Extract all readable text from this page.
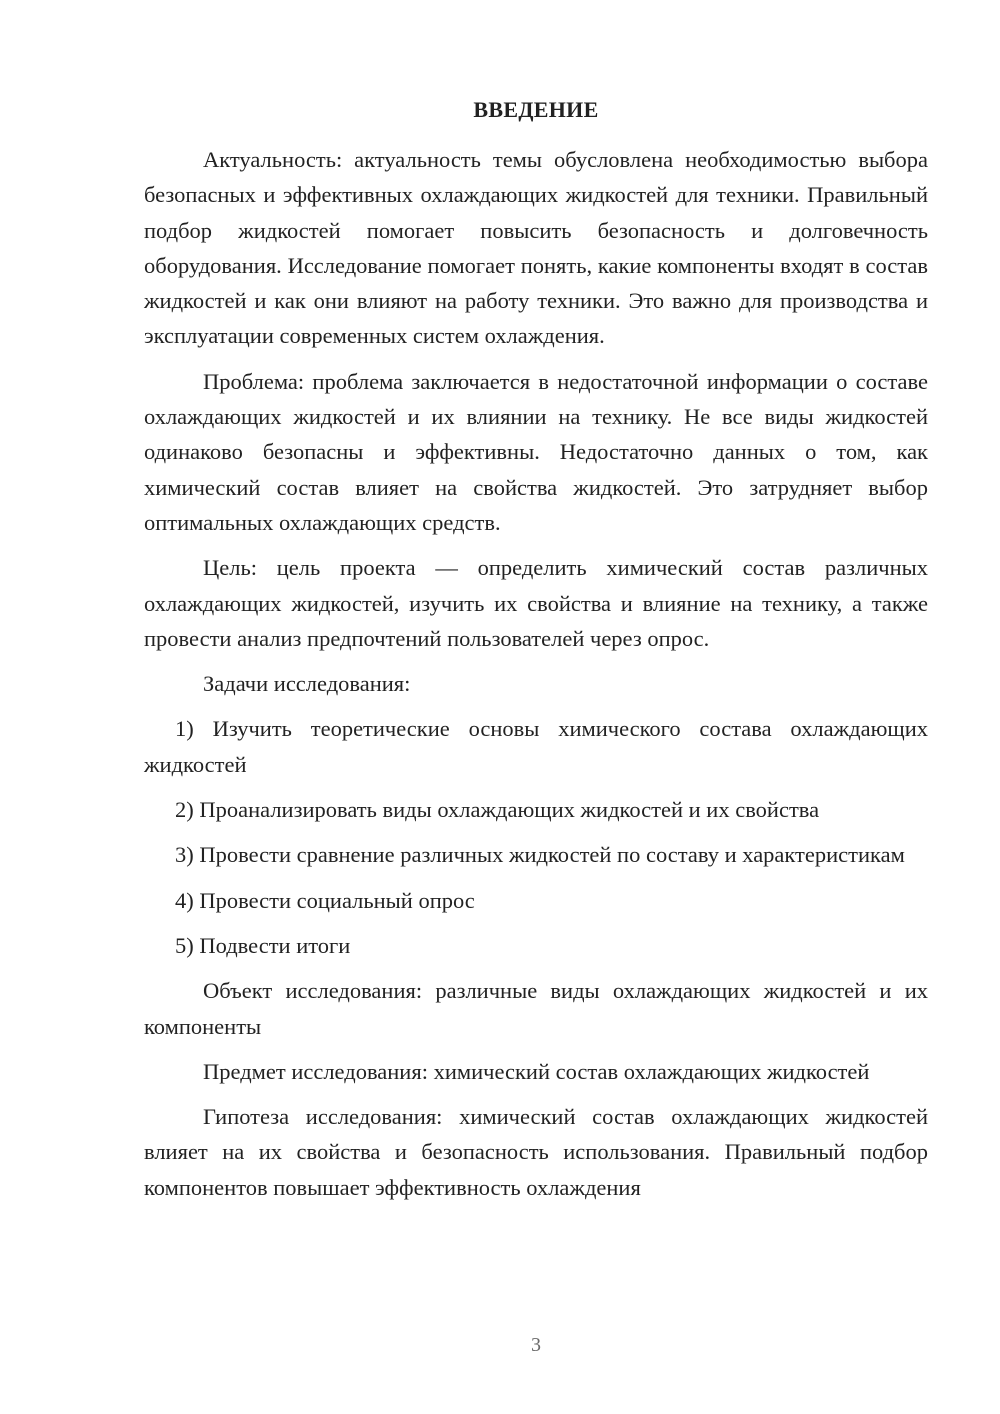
ВВЕДЕНИЕ

Актуальность: актуальность темы обусловлена необходимостью выбора безопасных и эффективных охлаждающих жидкостей для техники. Правильный подбор жидкостей помогает повысить безопасность и долговечность оборудования. Исследование помогает понять, какие компоненты входят в состав жидкостей и как они влияют на работу техники. Это важно для производства и эксплуатации современных систем охлаждения.

Проблема: проблема заключается в недостаточной информации о составе охлаждающих жидкостей и их влиянии на технику. Не все виды жидкостей одинаково безопасны и эффективны. Недостаточно данных о том, как химический состав влияет на свойства жидкостей. Это затрудняет выбор оптимальных охлаждающих средств.

Цель: цель проекта — определить химический состав различных охлаждающих жидкостей, изучить их свойства и влияние на технику, а также провести анализ предпочтений пользователей через опрос.

Задачи исследования:

1) Изучить теоретические основы химического состава охлаждающих жидкостей

2) Проанализировать виды охлаждающих жидкостей и их свойства

3) Провести сравнение различных жидкостей по составу и характеристикам

4) Провести социальный опрос

5) Подвести итоги

Объект исследования: различные виды охлаждающих жидкостей и их компоненты

Предмет исследования: химический состав охлаждающих жидкостей

Гипотеза исследования: химический состав охлаждающих жидкостей влияет на их свойства и безопасность использования. Правильный подбор компонентов повышает эффективность охлаждения

3
